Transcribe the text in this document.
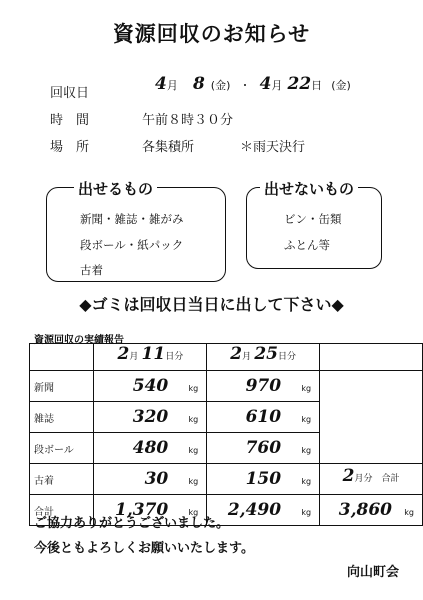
資源回収のお知らせ
回収日	4月 8 (金) ・ 4月 22日 (金)
時　間	午前８時３０分
場　所	各集積所	＊雨天決行
出せるもの
新聞・雑誌・雑がみ
段ボール・紙パック
古着
出せないもの
ビン・缶類
ふとん等
◆ゴミは回収日当日に出して下さい◆
資源回収の実績報告

	2月 11日分	2月 25日分	

新聞	540 kg	970 kg	

雑誌	320 kg	610 kg	

段ボール	480 kg	760 kg	

古着	30 kg	150 kg	2月分　合計

合計	1,370 kg	2,490 kg	3,860 kg
ご協力ありがとうございました。
今後ともよろしくお願いいたします。
向山町会
